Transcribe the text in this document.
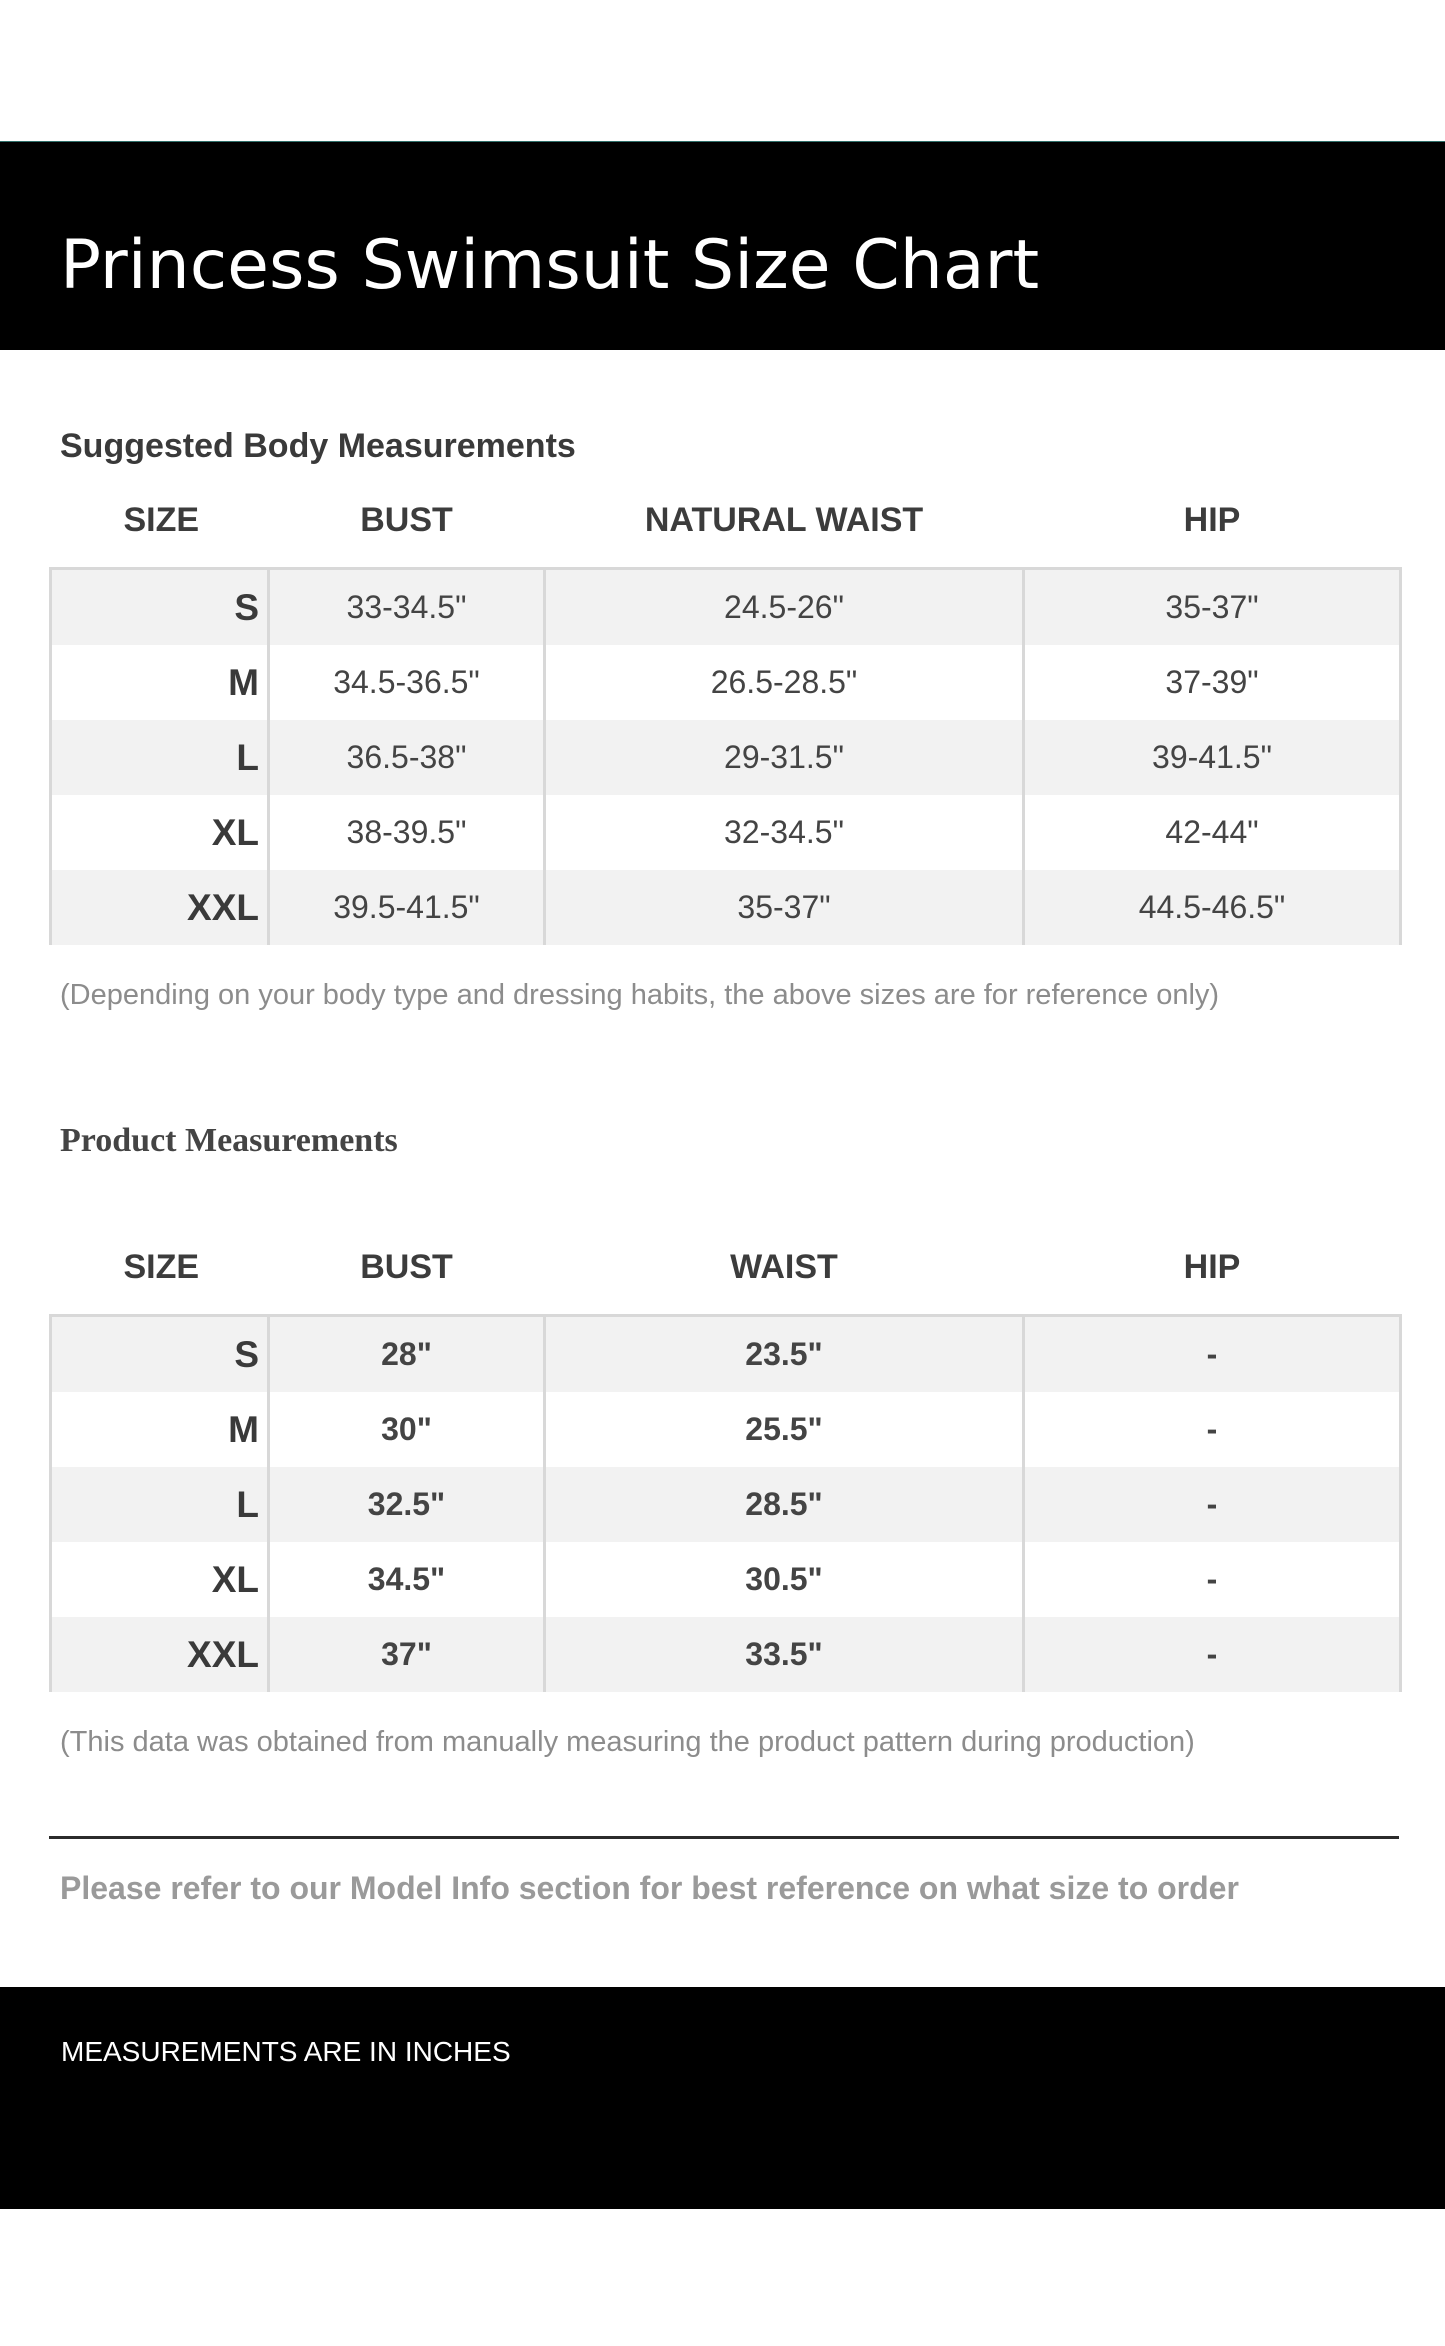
Princess Swimsuit Size Chart
Suggested Body Measurements
SIZE	BUST	NATURAL WAIST	HIP
S	33-34.5"	24.5-26"	35-37"
M	34.5-36.5"	26.5-28.5"	37-39"
L	36.5-38"	29-31.5"	39-41.5"
XL	38-39.5"	32-34.5"	42-44"
XXL	39.5-41.5"	35-37"	44.5-46.5"

(Depending on your body type and dressing habits, the above sizes are for reference only)

Product Measurements
SIZE	BUST	WAIST	HIP
S	28"	23.5"	-
M	30"	25.5"	-
L	32.5"	28.5"	-
XL	34.5"	30.5"	-
XXL	37"	33.5"	-

(This data was obtained from manually measuring the product pattern during production)

Please refer to our Model Info section for best reference on what size to order

MEASUREMENTS ARE IN INCHES
